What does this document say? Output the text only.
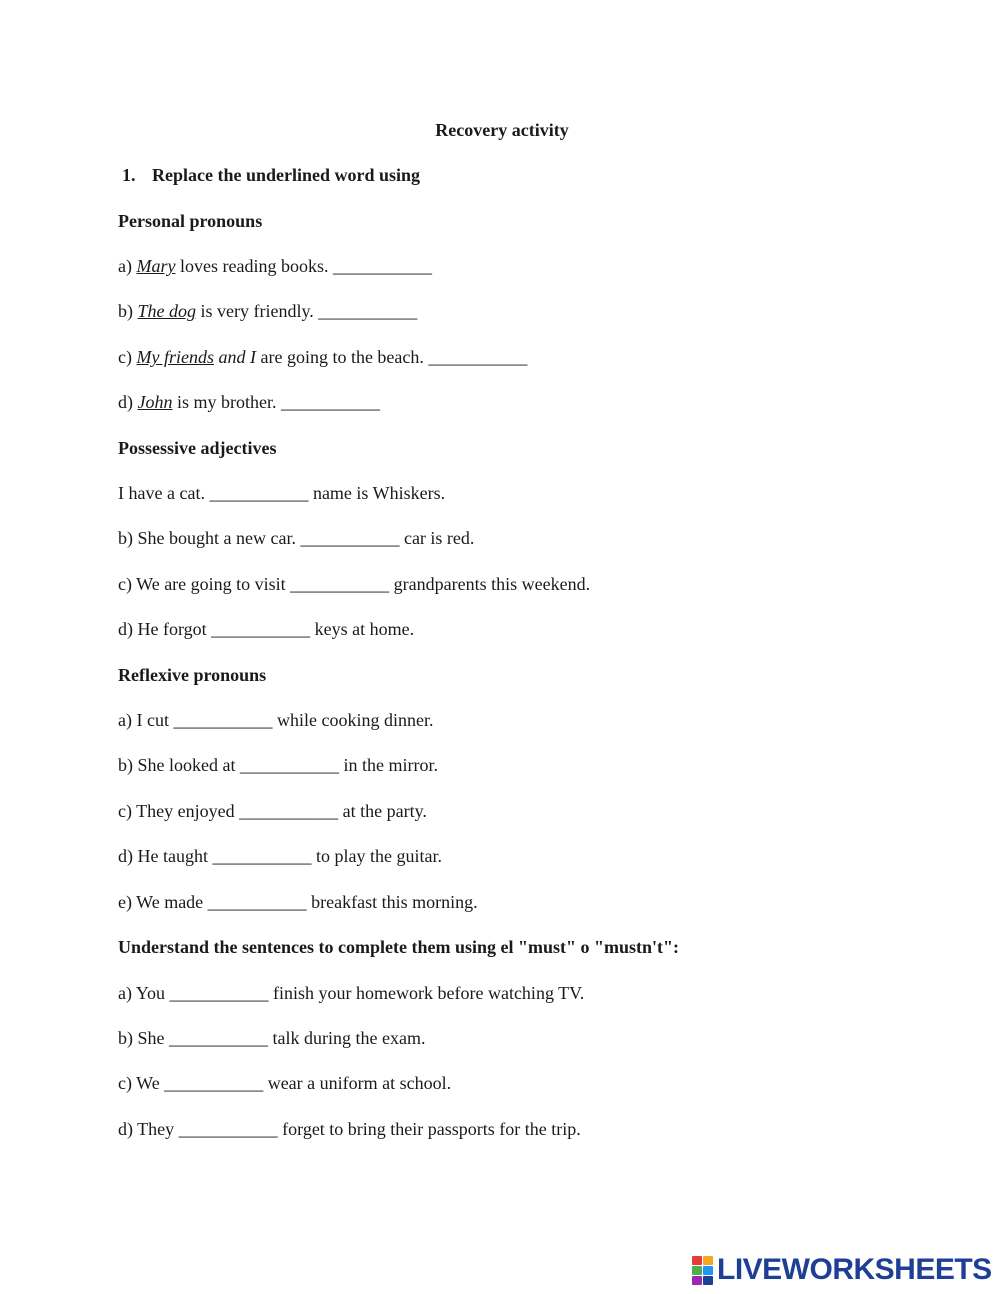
Recovery activity
1. Replace the underlined word using
Personal pronouns
a) Mary loves reading books. ___________
b) The dog is very friendly. ___________
c) My friends and I are going to the beach. ___________
d) John is my brother. ___________
Possessive adjectives
I have a cat. ___________ name is Whiskers.
b) She bought a new car. ___________ car is red.
c) We are going to visit ___________ grandparents this weekend.
d) He forgot ___________ keys at home.
Reflexive pronouns
a) I cut ___________ while cooking dinner.
b) She looked at ___________ in the mirror.
c) They enjoyed ___________ at the party.
d) He taught ___________ to play the guitar.
e) We made ___________ breakfast this morning.
Understand the sentences to complete them using el "must" o "mustn't":
a) You ___________ finish your homework before watching TV.
b) She ___________ talk during the exam.
c) We ___________ wear a uniform at school.
d) They ___________ forget to bring their passports for the trip.
LIVEWORKSHEETS
